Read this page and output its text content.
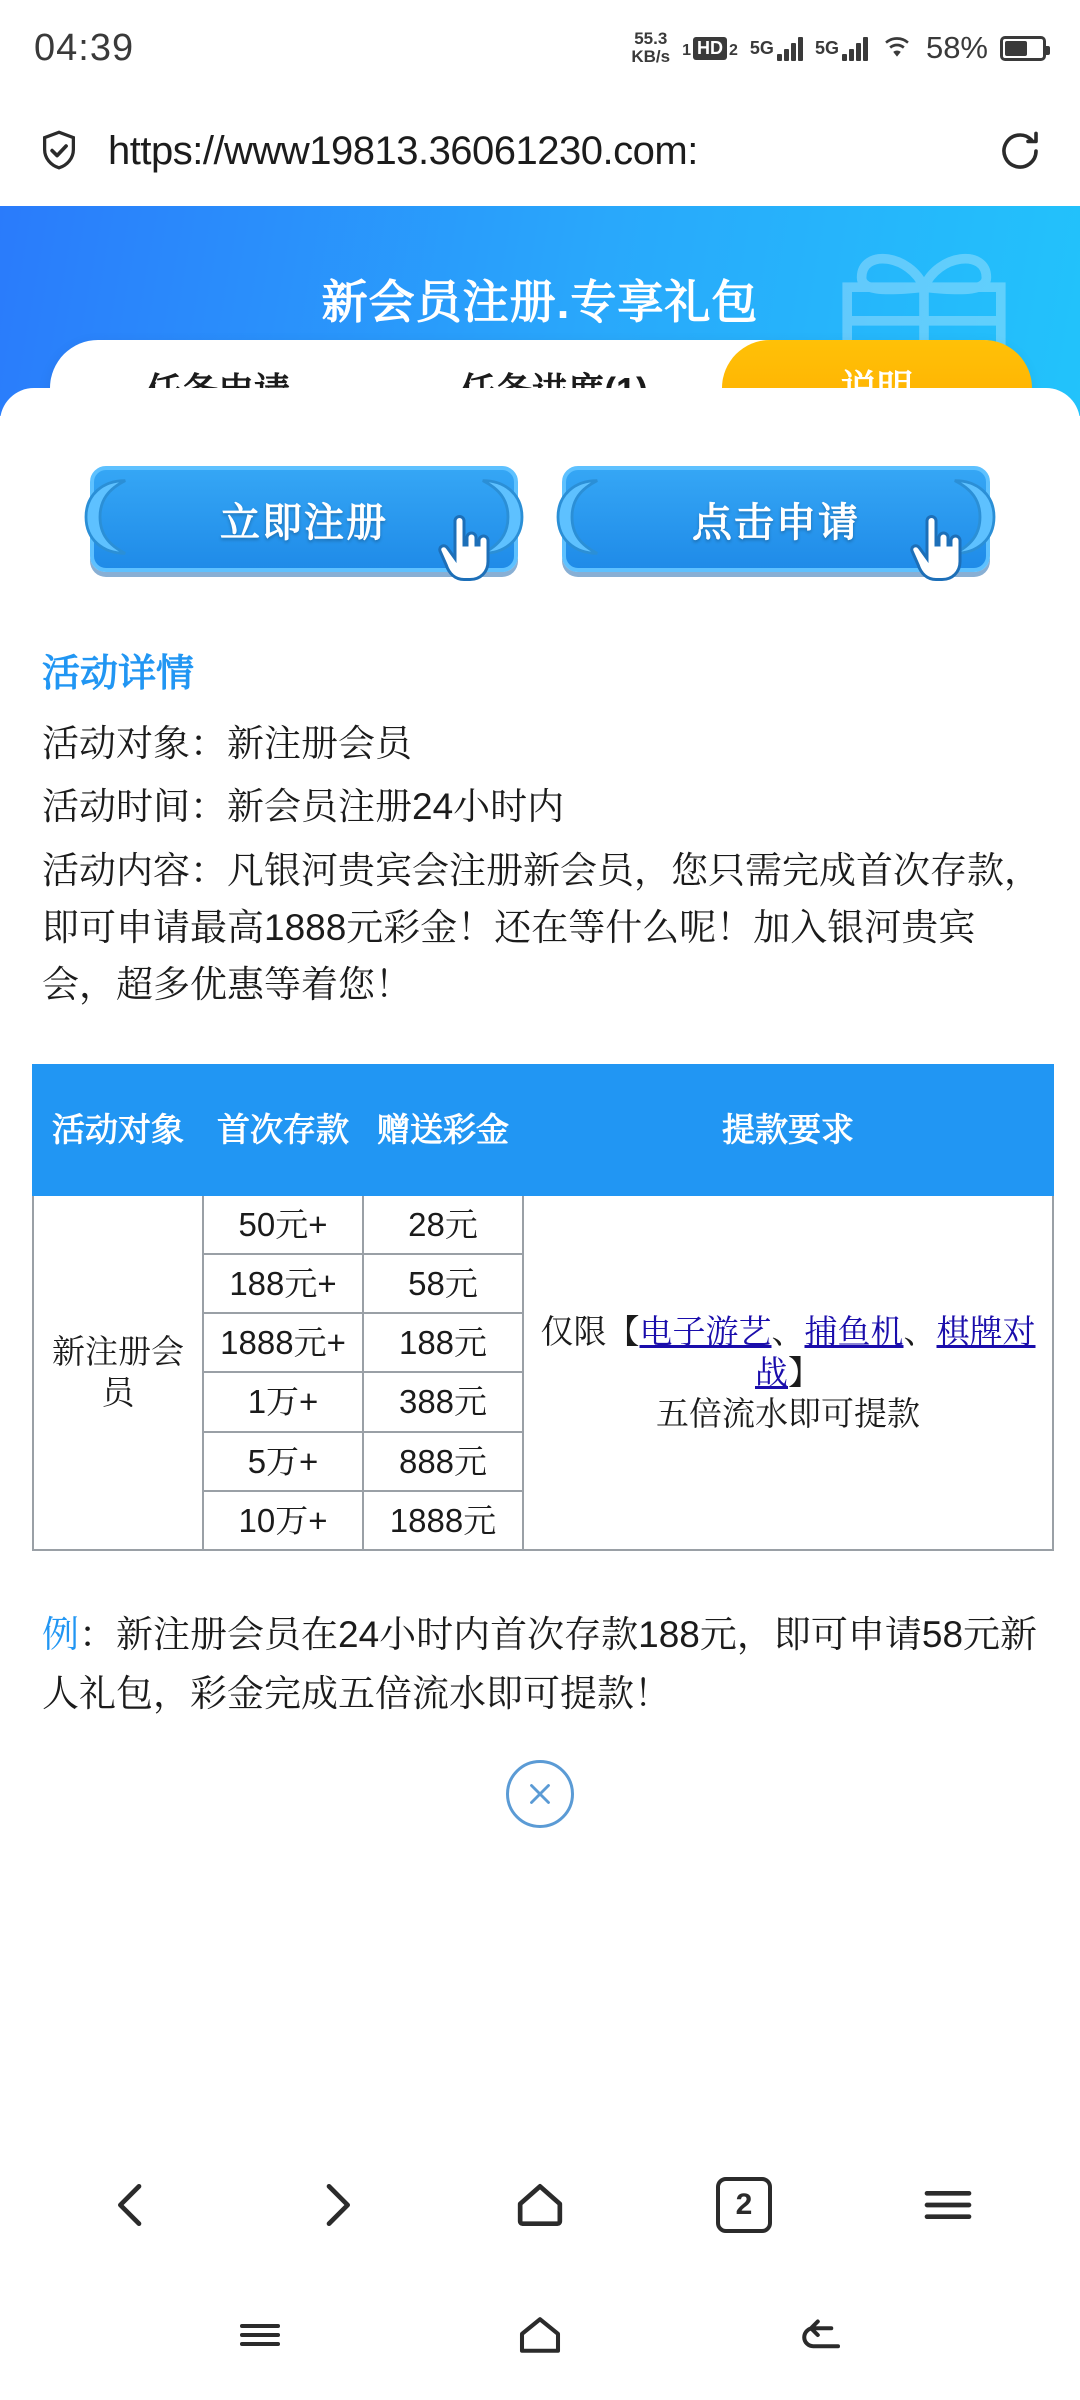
04:39	55.3
KB/s 1 HD 2 5G 5G	58%
https://www19813.36061230.com:
新会员注册.专享礼包
立即注册	点击申请
活动详情

活动对象：新注册会员

活动时间：新会员注册24小时内

活动内容：凡银河贵宾会注册新会员，您只需完成首次存款， 即可申请最高1888元彩金！还在等什么呢！加入银河贵宾会，超多优惠等着您！

活动对象	首次存款	赠送彩金	提款要求
新注册会员	50元+	28元	仅限【电子游艺、捕鱼机、棋牌对战】
五倍流水即可提款

	188元+	58元	
	1888元+	188元	
	1万+	388元	
	5万+	888元	
	10万+	1888元	

例：新注册会员在24小时内首次存款188元，即可申请58元新人礼包，彩金完成五倍流水即可提款！

2
